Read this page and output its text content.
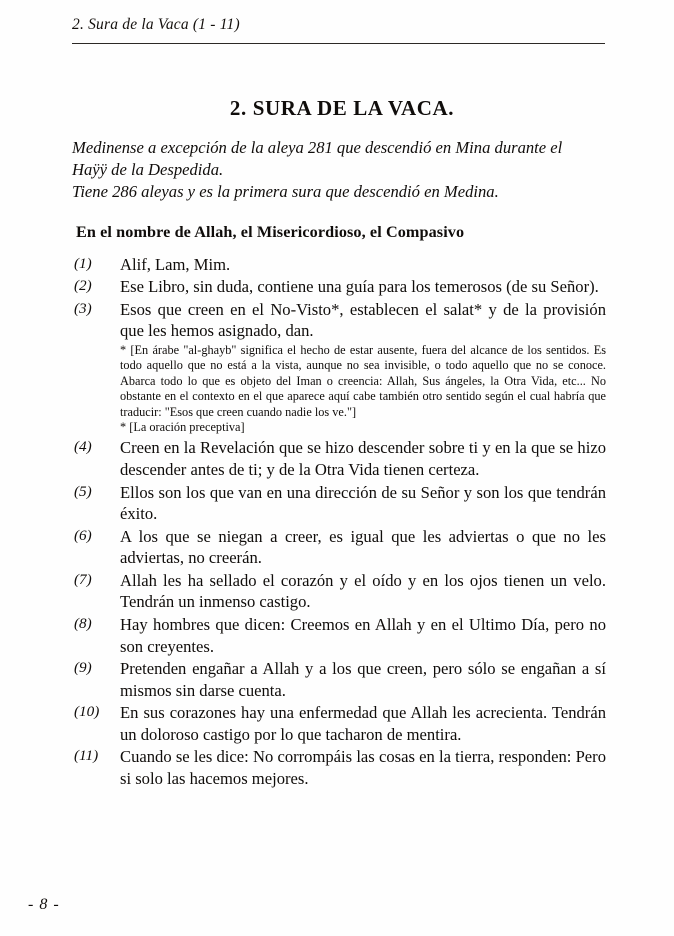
2. Sura de la Vaca (1 - 11)
2. SURA DE LA VACA.
Medinense a excepción de la aleya 281 que descendió en Mina durante el
Haÿÿ de la Despedida.
Tiene 286 aleyas y es la primera sura que descendió en Medina.
En el nombre de Allah, el Misericordioso, el Compasivo
(1)	Alif, Lam, Mim.
(2)	Ese Libro, sin duda, contiene una guía para los temerosos (de su Señor).
(3)	Esos que creen en el No-Visto*, establecen el salat* y de la provisión que les hemos asignado, dan.

* [En árabe "al-ghayb" significa el hecho de estar ausente, fuera del alcance de los sentidos. Es todo aquello que no está a la vista, aunque no sea invisible, o todo aquello que no se conoce. Abarca todo lo que es objeto del Iman o creencia: Allah, Sus ángeles, la Otra Vida, etc... No obstante en el contexto en el que aparece aquí cabe también otro sentido según el cual habría que traducir: "Esos que creen cuando nadie los ve."]

* [La oración preceptiva]

(4)	Creen en la Revelación que se hizo descender sobre ti y en la que se hizo descender antes de ti; y de la Otra Vida tienen certeza.
(5)	Ellos son los que van en una dirección de su Señor y son los que tendrán éxito.
(6)	A los que se niegan a creer, es igual que les adviertas o que no les adviertas, no creerán.
(7)	Allah les ha sellado el corazón y el oído y en los ojos tienen un velo. Tendrán un inmenso castigo.
(8)	Hay hombres que dicen: Creemos en Allah y en el Ultimo Día, pero no son creyentes.
(9)	Pretenden engañar a Allah y a los que creen, pero sólo se engañan a sí mismos sin darse cuenta.
(10)	En sus corazones hay una enfermedad que Allah les acrecienta. Tendrán un doloroso castigo por lo que tacharon de mentira.
(11)	Cuando se les dice: No corrompáis las cosas en la tierra, responden: Pero si solo las hacemos mejores.
- 8 -
